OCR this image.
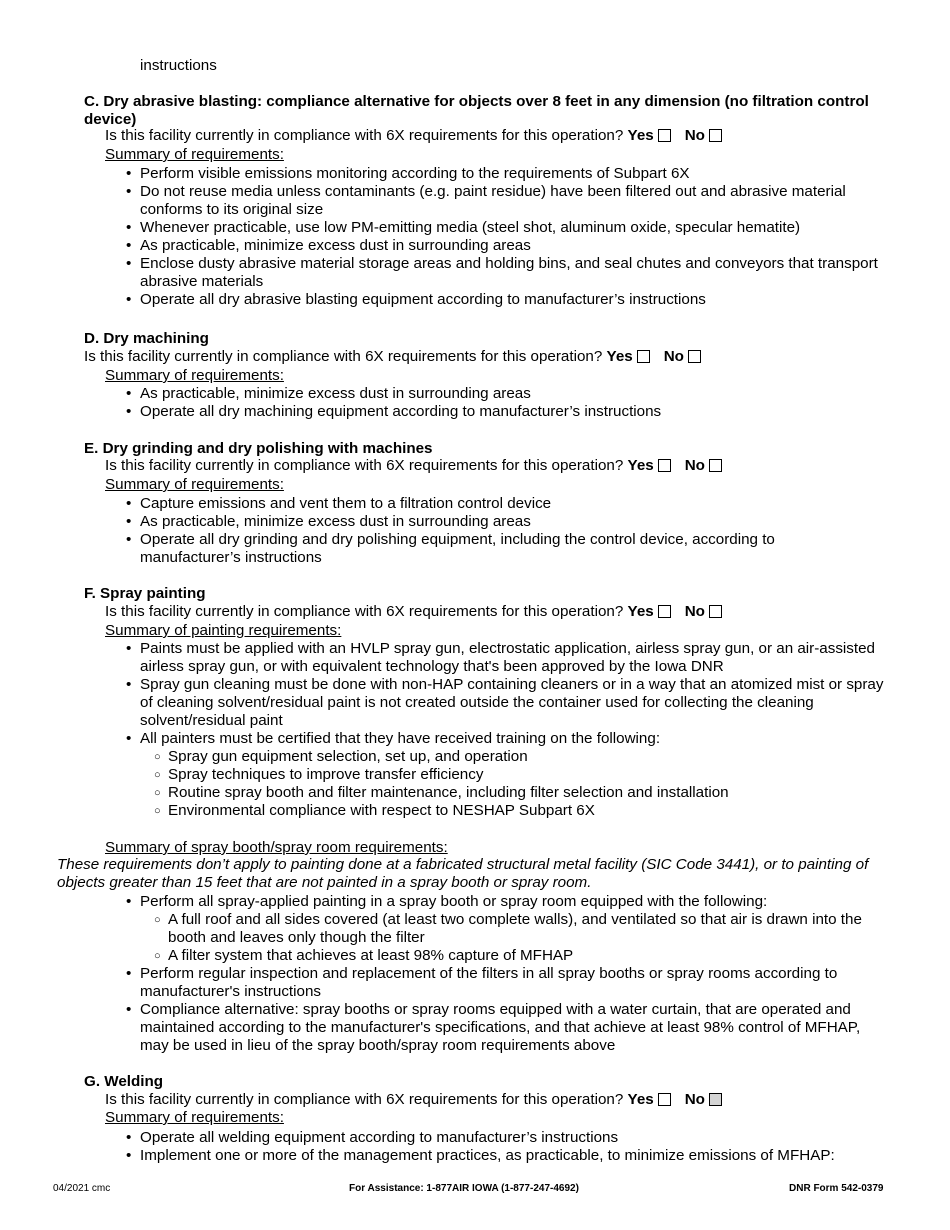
instructions
C. Dry abrasive blasting: compliance alternative for objects over 8 feet in any dimension (no filtration control device)
Is this facility currently in compliance with 6X requirements for this operation? Yes No
Summary of requirements:
• Perform visible emissions monitoring according to the requirements of Subpart 6X
• Do not reuse media unless contaminants (e.g. paint residue) have been filtered out and abrasive material conforms to its original size
• Whenever practicable, use low PM-emitting media (steel shot, aluminum oxide, specular hematite)
• As practicable, minimize excess dust in surrounding areas
• Enclose dusty abrasive material storage areas and holding bins, and seal chutes and conveyors that transport abrasive materials
• Operate all dry abrasive blasting equipment according to manufacturer’s instructions
D. Dry machining
Is this facility currently in compliance with 6X requirements for this operation? Yes No
Summary of requirements:
• As practicable, minimize excess dust in surrounding areas
• Operate all dry machining equipment according to manufacturer’s instructions
E. Dry grinding and dry polishing with machines
Is this facility currently in compliance with 6X requirements for this operation? Yes No
Summary of requirements:
• Capture emissions and vent them to a filtration control device
• As practicable, minimize excess dust in surrounding areas
• Operate all dry grinding and dry polishing equipment, including the control device, according to manufacturer’s instructions
F. Spray painting
Is this facility currently in compliance with 6X requirements for this operation? Yes No
Summary of painting requirements:
• Paints must be applied with an HVLP spray gun, electrostatic application, airless spray gun, or an air-assisted airless spray gun, or with equivalent technology that's been approved by the Iowa DNR
• Spray gun cleaning must be done with non-HAP containing cleaners or in a way that an atomized mist or spray of cleaning solvent/residual paint is not created outside the container used for collecting the cleaning solvent/residual paint
• All painters must be certified that they have received training on the following:
○ Spray gun equipment selection, set up, and operation
○ Spray techniques to improve transfer efficiency
○ Routine spray booth and filter maintenance, including filter selection and installation
○ Environmental compliance with respect to NESHAP Subpart 6X
Summary of spray booth/spray room requirements:
These requirements don’t apply to painting done at a fabricated structural metal facility (SIC Code 3441), or to painting of objects greater than 15 feet that are not painted in a spray booth or spray room.
• Perform all spray-applied painting in a spray booth or spray room equipped with the following:
○ A full roof and all sides covered (at least two complete walls), and ventilated so that air is drawn into the booth and leaves only though the filter
○ A filter system that achieves at least 98% capture of MFHAP
• Perform regular inspection and replacement of the filters in all spray booths or spray rooms according to manufacturer's instructions
• Compliance alternative: spray booths or spray rooms equipped with a water curtain, that are operated and maintained according to the manufacturer's specifications, and that achieve at least 98% control of MFHAP, may be used in lieu of the spray booth/spray room requirements above
G. Welding
Is this facility currently in compliance with 6X requirements for this operation? Yes No
Summary of requirements:
• Operate all welding equipment according to manufacturer’s instructions
• Implement one or more of the management practices, as practicable, to minimize emissions of MFHAP:
04/2021 cmc	For Assistance: 1-877AIR IOWA (1-877-247-4692)	DNR Form 542-0379
